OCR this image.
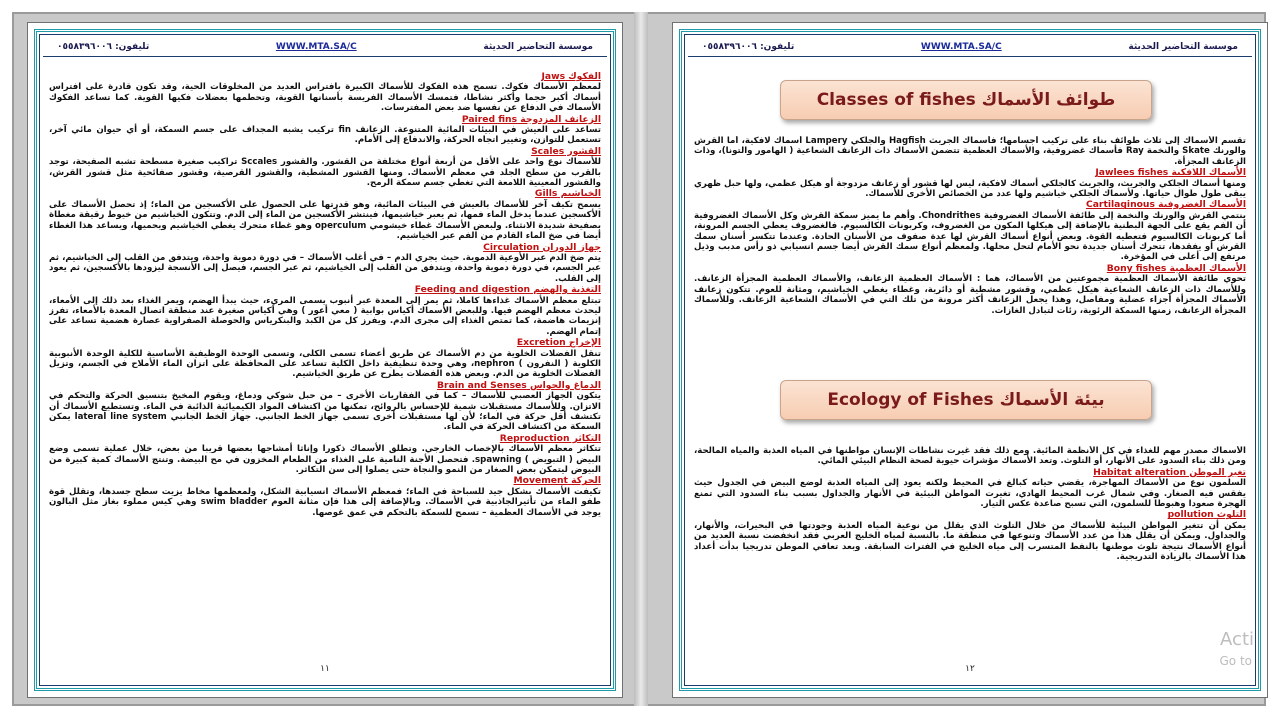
موسسة التحاضير الحديثة
WWW.MTA.SA/C
تليفون: ٠٥٥٨٣٩٦٠٠٦

الفكوك Jaws
لمعظم الأسماك فكوك. تسمح هذه الفكوك للأسماك الكبيرة بافتراس العديد من المخلوقات الحية، وقد تكون قادرة على افتراس أسماك أكبر حجما وأكثر نشاطا، فتمسك الأسماك الفريسة بأسنانها القوية، وتحطمها بعضلات فكيها القوية. كما تساعد الفكوك الأسماك في الدفاع عن نفسها ضد بعض المفترسات.

الزعانف المزدوجة Paired fins
تساعد على العيش في البيئات المائية المتنوعة. الزعانف fin تركيب يشبه المجداف على جسم السمكة، أو أي حيوان مائي آخر، تستعمل للتوازن، وتغيير اتجاه الحركة، والاندفاع إلى الأمام.

القشور Scales
للأسماك نوع واحد على الأقل من أربعة أنواع مختلفة من القشور. والقشور Sccales تراكيب صغيرة مسطحة تشبه الصفيحة، توجد بالقرب من سطح الجلد في معظم الأسماك. ومنها القشور المشطية، والقشور القرصية، وقشور صفائحية مثل قشور القرش، والقشور المعينية اللامعة التي تغطي جسم سمكة الرمح.

الخياشيم Gills
يسمح تكيف آخر للأسماك بالعيش في البيئات المائية، وهو قدرتها على الحصول على الأكسجين من الماء؛ إذ تحصل الأسماك على الأكسجين عندما يدخل الماء فمها، ثم يعبر خياشيمها، فينتشر الأكسجين من الماء إلى الدم. وتتكون الخياشيم من خيوط رقيقة مغطاة بصفيحة شديدة الانثناء. ولبعض الأسماك غطاء خيشومي operculum وهو غطاء متحرك يغطي الخياشيم ويحميها، ويساعد هذا الغطاء أيضا في ضخ الماء القادم من الفم عبر الخياشيم.

جهاز الدوران Circulation
يتم ضخ الدم عبر الأوعية الدموية. حيث يجري الدم – في أغلب الأسماك – في دورة دموية واحدة، ويتدفق من القلب إلى الخياشيم، ثم عبر الجسم، في دورة دموية واحدة، ويتدفق من القلب إلى الخياشيم، ثم عبر الجسم، فيصل إلى الأنسجة ليزودها بالأكسجين، ثم يعود إلى القلب.

التغذية والهضم Feeding and digestion
تبتلع معظم الأسماك غذاءها كاملا، ثم يمر إلى المعدة عبر أنبوب يسمى المريء، حيث يبدأ الهضم، ويمر الغذاء بعد ذلك إلى الأمعاء، ليحدث معظم الهضم فيها. وللبعض الأسماك أكياس بوابية ( معي أعور ) وهي أكياس صغيرة عند منطقة اتصال المعدة بالأمعاء، تفرز إنزيمات هاضمة، كما تمتص الغذاء إلى مجرى الدم. ويفرز كل من الكبد والبنكرياس والحوصلة الصفراوية عصارة هضمية تساعد على إتمام الهضم.

الإخراج Excretion
تنقل الفضلات الخلوية من دم الأسماك عن طريق أعضاء تسمى الكلى، وتسمى الوحدة الوظيفية الأساسية للكلية الوحدة الأنبوبية الكلوية ( النفرون ) nephron، وهي وحدة تنظيفية داخل الكلية تساعد على المحافظة على اتزان الماء الأملاح في الجسم، وتزيل الفضلات الخلوية من الدم. وبعض هذه الفضلات يطرح عن طريق الخياشيم.

الدماغ والحواس Brain and Senses
يتكون الجهاز العصبي للأسماك – كما في الفقاريات الأخرى – من حبل شوكي ودماغ، ويقوم المخيخ بتنسيق الحركة والتحكم في الاتزان. وللأسماك مستقبلات شمية للإحساس بالروائح، تمكنها من اكتشاف المواد الكيميائية الذائبة في الماء. وتستطيع الأسماك أن تكتشف أقل حركة في الماء؛ لأن لها مستقبلات أخرى تسمى جهاز الخط الجانبي. جهاز الخط الجانبي lateral line system يمكن السمكة من اكتشاف الحركة في الماء.

التكاثر Reproduction
تتكاثر معظم الأسماك بالإخصاب الخارجي. وتطلق الأسماك ذكورا وإناثا أمشاجها بعضها قريبا من بعض، خلال عملية تسمى وضع البيض ( التبويض ) spawning. فتحصل الأجنة النامية على الغذاء من الطعام المخزون في مح البيضة. وتنتج الأسماك كمية كبيرة من البيوض ليتمكن بعض الصغار من النمو والنجاة حتى يصلوا إلى سن التكاثر.

الحركة Movement
تكيفت الأسماك بشكل جيد للسباحة في الماء؛ فمعظم الأسماك انسيابية الشكل، ولمعظمها مخاط يزيت سطح جسدها، وتقلل قوة طفو الماء من تأثيرالجاذبية في الأسماك. وبالإضافة إلى هذا فإن مثانة العوم swim bladder وهي كيس مملوء بغاز مثل البالون يوجد في الأسماك العظمية – تسمح للسمكة بالتحكم في عمق غوصها.

١١
موسسة التحاضير الحديثة
WWW.MTA.SA/C
تليفون: ٠٥٥٨٣٩٦٠٠٦
Classes of fishes طوائف الأسماك

تقسم الأسماك إلى ثلاث طوائف بناء على تركيب أجسامها؛ فأسماك الجريث Hagfish والجلكي Lampery أسماك لافكية، أما القرش والورنك Skate والنخمة Ray فأسماك غضروفية، والأسماك العظمية تتضمن الأسماك ذات الزعانف الشعاعية ( الهامور والتونا)، وذات الزعانف المجزأة.

الأسماك اللافكية Jawlees fishes
ومنها أسماك الجلكي والجريث، والجريث كالجلكي أسماك لافكية، ليس لها قشور أو زعانف مزدوجة أو هيكل عظمي، ولها حبل ظهري يبقى طول طوال حياتها. ولأسماك الجلكي خياشيم ولها عدد من الخصائص الأخرى للأسماك.

الأسماك الغضروفية Cartilaginous
ينتمي القرش والورنك والنخمة إلى طائفة الأسماك الغضروفية Chondrithes. وأهم ما يميز سمكة القرش وكل الأسماك الغضروفية أن الفم يقع على الجهة البطنية بالإضافة إلى هيكلها المكون من الغضروف، وكربونات الكالسيوم. فالغضروف يعطي الجسم المرونة، أما كربونات الكالسيوم فتعطيه القوة. وبعض أنواع أسماك القرش لها عدة صفوف من الأسنان الحادة. وعندما تتكسر أسنان سمك القرش أو يفقدها، تتحرك أسنان جديدة نحو الأمام لتحل محلها. ولمعظم أنواع سمك القرش أيضا جسم انسيابي ذو رأس مدبب وذيل مرتفع إلى أعلى في المؤخرة.

الأسماك العظمية Bony fishes
تحوي طائفة الأسماك العظمية مجموعتين من الأسماك، هما : الأسماك العظمية الزعانف، والأسماك العظمية المجزأة الزعانف. وللأسماك ذات الزعانف الشعاعية هيكل عظمي، وقشور مشطية أو دائرية، وغطاء يغطي الخياشيم، ومثانة للعوم. تتكون زعانف الأسماك المجزأة أجزاء عضلية ومفاصل، وهذا يجعل الزعانف أكثر مرونة من تلك التي في الأسماك الشعاعية الزعانف. وللأسماك المجزأة الزعانف، زمنها السمكة الرئوية، رئات لتبادل الغازات.

Ecology of Fishes بيئة الأسماك

الأسماك مصدر مهم للغذاء في كل الأنظمة المائية. ومع ذلك فقد غيرت نشاطات الإنسان مواطنها في المياه العذبة والمياه المالحة، ومن ذلك بناء السدود على الأنهار، أو التلوث. وتعد الأسماك مؤشرات حيوية لصحة النظام البيئي المائي.

تغير الموطن Habitat alteration
السلمون نوع من الأسماك المهاجرة، يقضي حياته كبالغ في المحيط ولكنه يعود إلى المياه العذبة لوضع البيض في الجدول حيث يفقس فيه الصغار. وفي شمال غرب المحيط الهادي، تغيرت المواطن البيئية في الأنهار والجداول بسبب بناء السدود التي تمنع الهجرة صعودا وهبوطا للسلمون، التي تسبح صاعدة عكس التيار.

التلوث pollution
يمكن أن تتغير المواطن البيئية للأسماك من خلال التلوث الذي يقلل من نوعية المياه العذبة وجودتها في البحيرات، والأنهار، والجداول. ويمكن أن يقلل هذا من عدد الأسماك وتنوعها في منطقة ما. بالنسبة لمياه الخليج العربي فقد انخفضت نسبة العديد من أنواع الأسماك نتيجة تلوث موطنها بالنفط المتسرب إلى مياه الخليج في الفترات السابقة. وبعد تعافي الموطن تدريجيا بدأت أعداد هذا الأسماك بالزيادة التدريجية.

١٢
Acti
Go to
